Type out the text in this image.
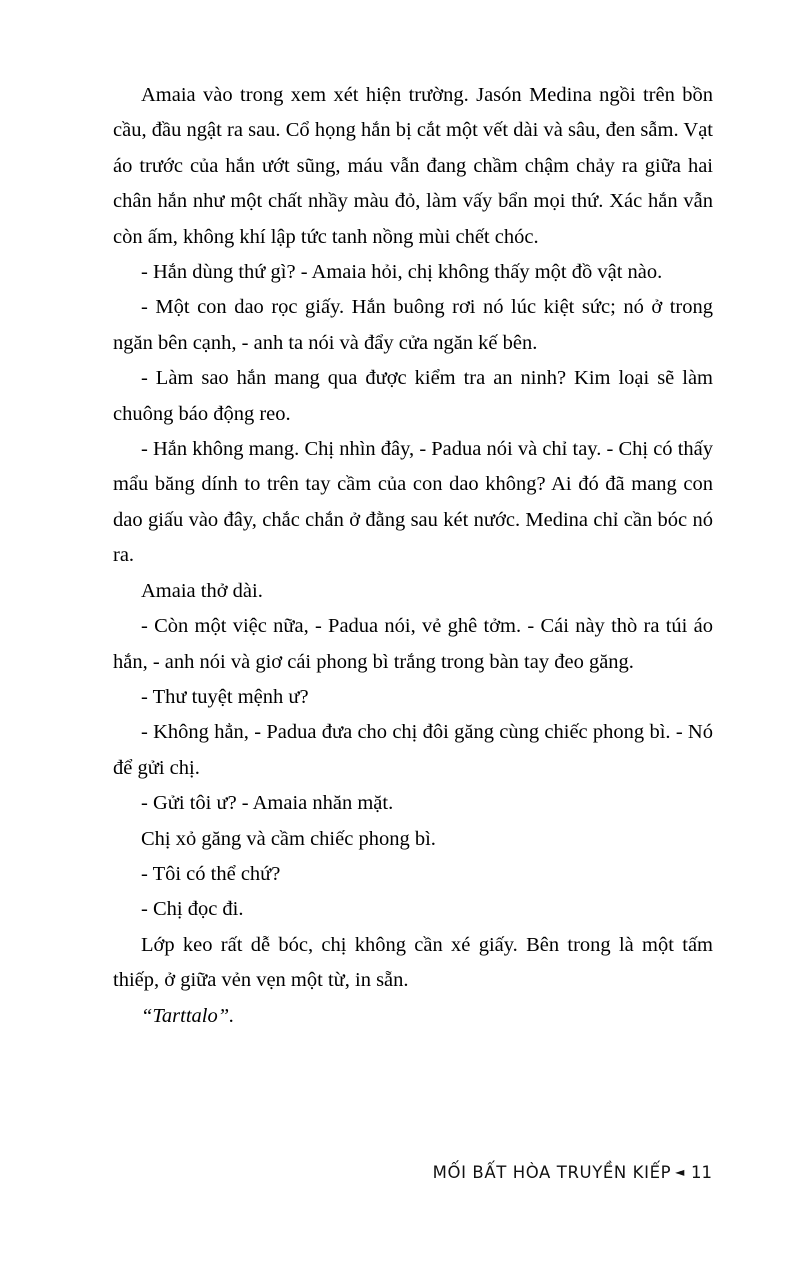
Amaia vào trong xem xét hiện trường. Jasón Medina ngồi trên bồn cầu, đầu ngật ra sau. Cổ họng hắn bị cắt một vết dài và sâu, đen sẫm. Vạt áo trước của hắn ướt sũng, máu vẫn đang chầm chậm chảy ra giữa hai chân hắn như một chất nhầy màu đỏ, làm vấy bẩn mọi thứ. Xác hắn vẫn còn ấm, không khí lập tức tanh nồng mùi chết chóc.

- Hắn dùng thứ gì? - Amaia hỏi, chị không thấy một đồ vật nào.

- Một con dao rọc giấy. Hắn buông rơi nó lúc kiệt sức; nó ở trong ngăn bên cạnh, - anh ta nói và đẩy cửa ngăn kế bên.

- Làm sao hắn mang qua được kiểm tra an ninh? Kim loại sẽ làm chuông báo động reo.

- Hắn không mang. Chị nhìn đây, - Padua nói và chỉ tay. - Chị có thấy mẩu băng dính to trên tay cầm của con dao không? Ai đó đã mang con dao giấu vào đây, chắc chắn ở đằng sau két nước. Medina chỉ cần bóc nó ra.

Amaia thở dài.

- Còn một việc nữa, - Padua nói, vẻ ghê tởm. - Cái này thò ra túi áo hắn, - anh nói và giơ cái phong bì trắng trong bàn tay đeo găng.

- Thư tuyệt mệnh ư?

- Không hẳn, - Padua đưa cho chị đôi găng cùng chiếc phong bì. - Nó để gửi chị.

- Gửi tôi ư? - Amaia nhăn mặt.

Chị xỏ găng và cầm chiếc phong bì.

- Tôi có thể chứ?

- Chị đọc đi.

Lớp keo rất dễ bóc, chị không cần xé giấy. Bên trong là một tấm thiếp, ở giữa vẻn vẹn một từ, in sẵn.

“Tarttalo”.

MỐI BẤT HÒA TRUYỀN KIẾP ◄ 11
